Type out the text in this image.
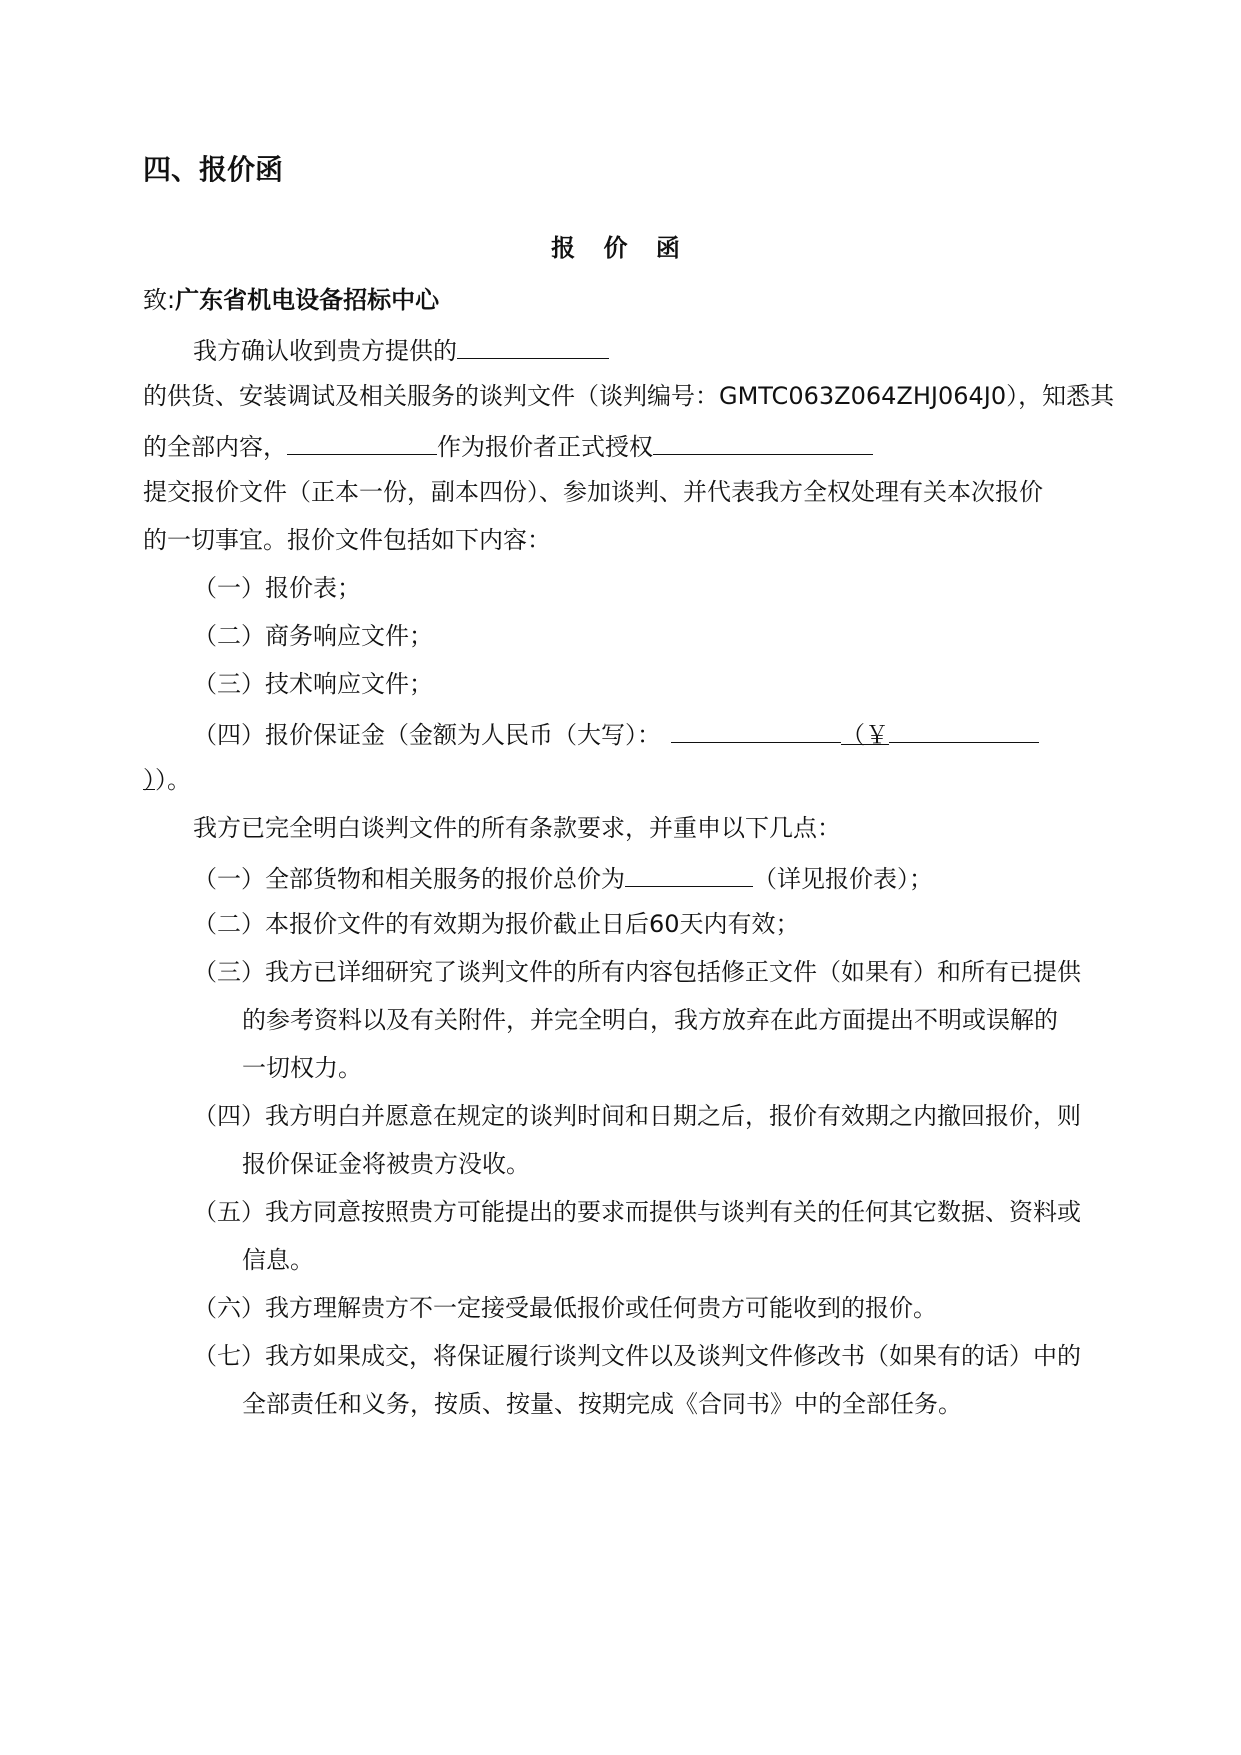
四、报价函
报 价 函
致:广东省机电设备招标中心
我方确认收到贵方提供的
的供货、安装调试及相关服务的谈判文件（谈判编号：GMTC063Z064ZHJ064J0），知悉其
的全部内容，	作为报价者正式授权
提交报价文件（正本一份，副本四份）、参加谈判、并代表我方全权处理有关本次报价
的一切事宜。报价文件包括如下内容：
（一）报价表；
（二）商务响应文件；
（三）技术响应文件；
（四）报价保证金（金额为人民币（大写）：	（￥
））。
我方已完全明白谈判文件的所有条款要求，并重申以下几点：
（一）全部货物和相关服务的报价总价为	（详见报价表）；
（二）本报价文件的有效期为报价截止日后60天内有效；
（三）我方已详细研究了谈判文件的所有内容包括修正文件（如果有）和所有已提供
的参考资料以及有关附件，并完全明白，我方放弃在此方面提出不明或误解的
一切权力。
（四）我方明白并愿意在规定的谈判时间和日期之后，报价有效期之内撤回报价，则
报价保证金将被贵方没收。
（五）我方同意按照贵方可能提出的要求而提供与谈判有关的任何其它数据、资料或
信息。
（六）我方理解贵方不一定接受最低报价或任何贵方可能收到的报价。
（七）我方如果成交，将保证履行谈判文件以及谈判文件修改书（如果有的话）中的
全部责任和义务，按质、按量、按期完成《合同书》中的全部任务。
